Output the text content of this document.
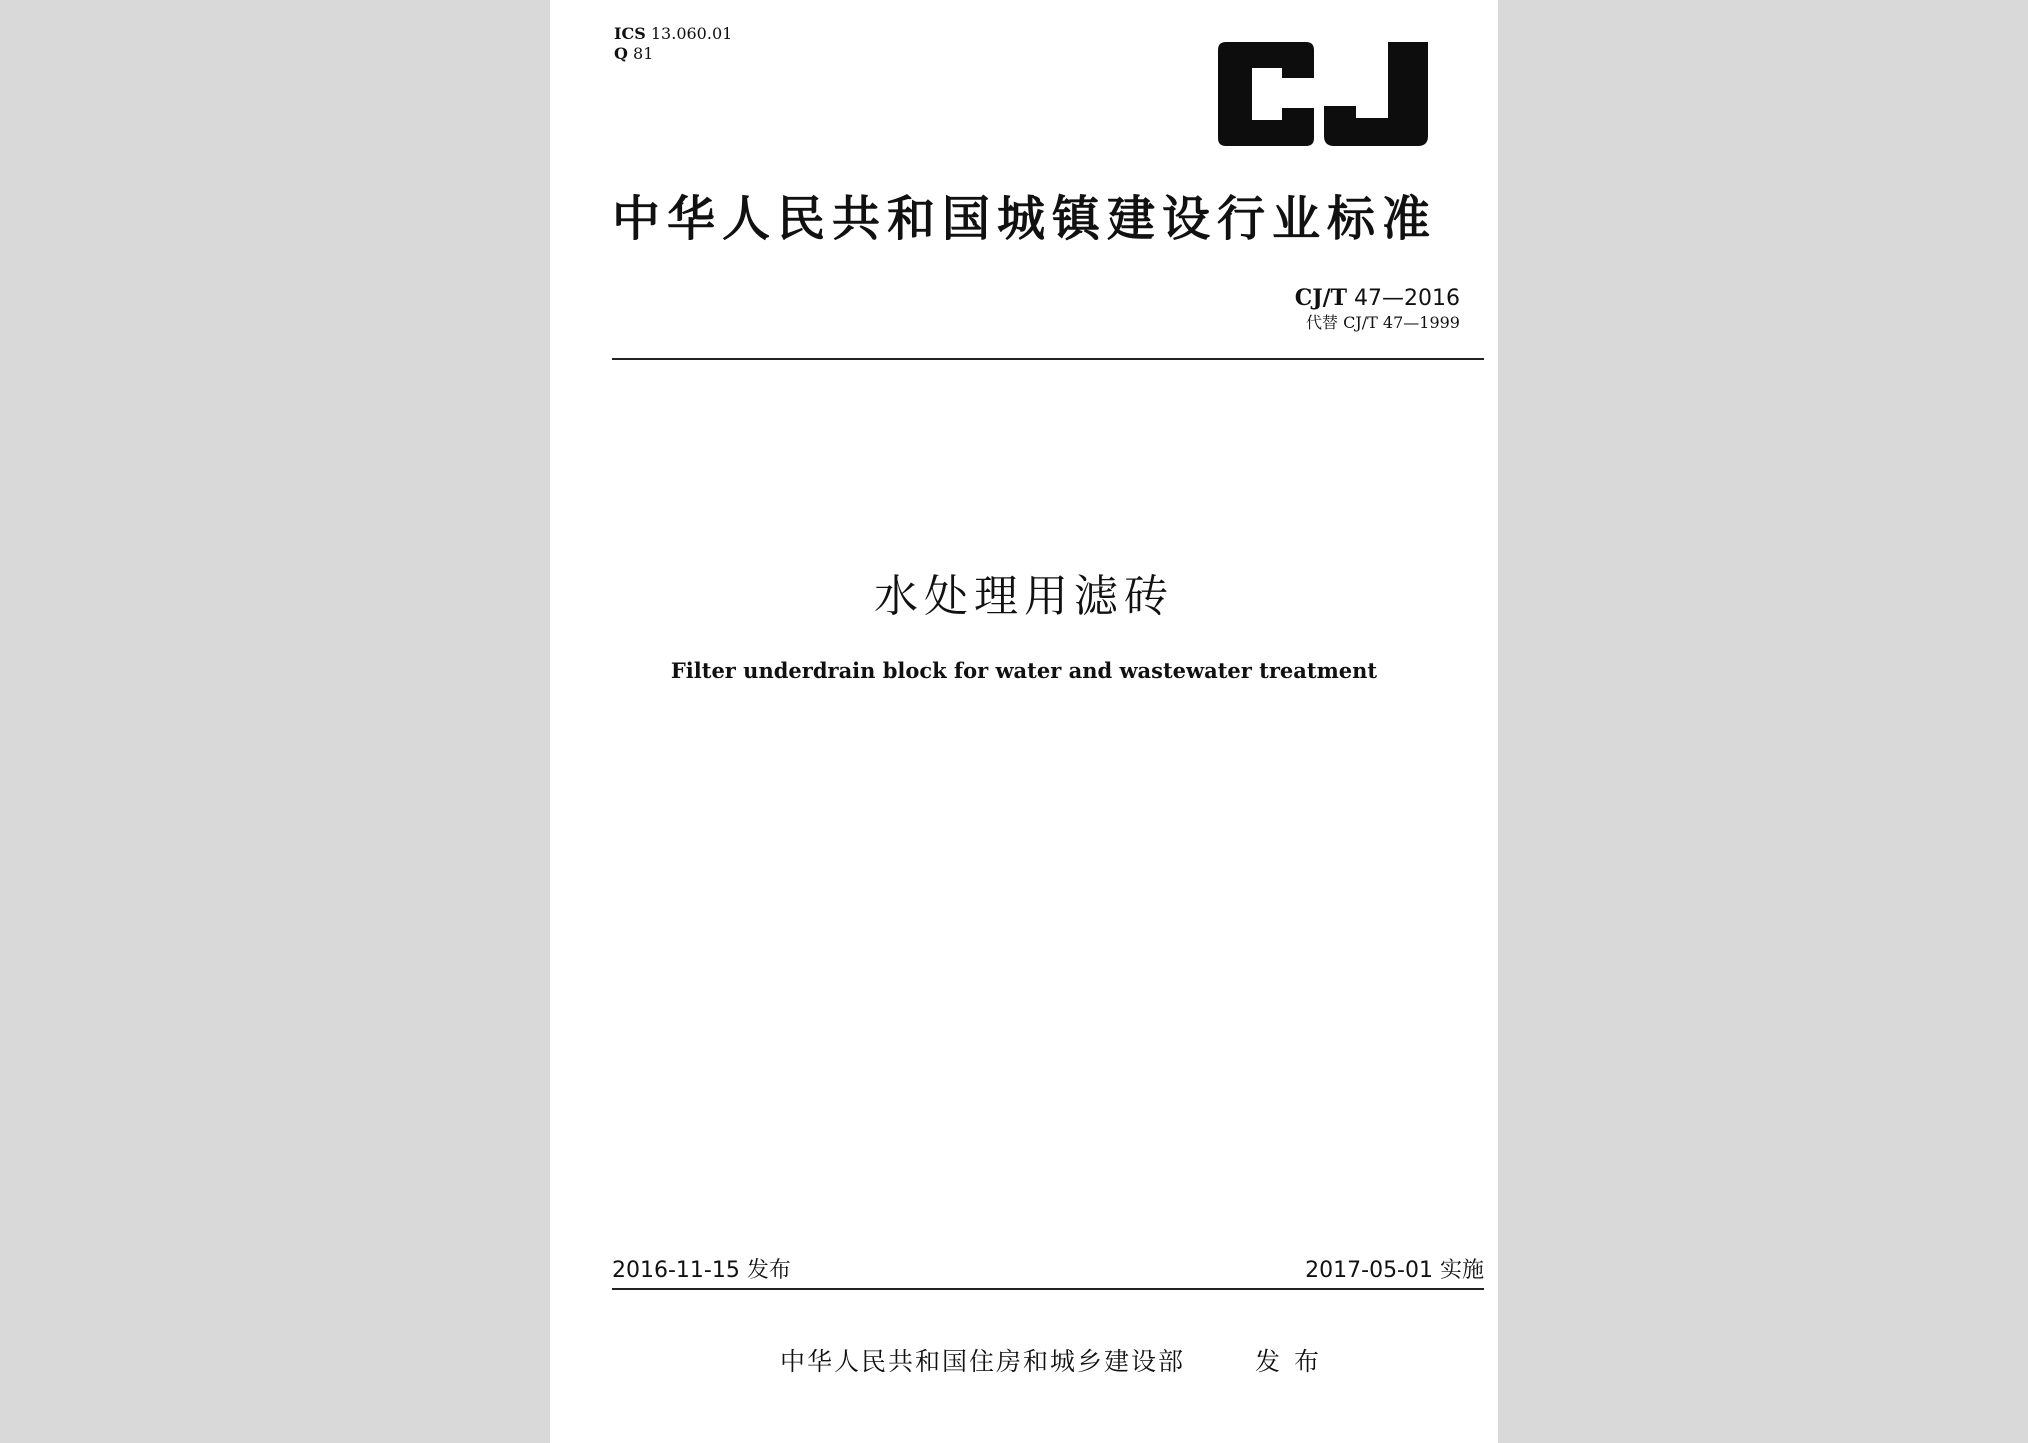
ICS 13.060.01
Q 81
CJ
中华人民共和国城镇建设行业标准
CJ/T 47—2016
代替 CJ/T 47—1999
水处理用滤砖
Filter underdrain block for water and wastewater treatment
2016-11-15 发布	2017-05-01 实施
中华人民共和国住房和城乡建设部	发布
